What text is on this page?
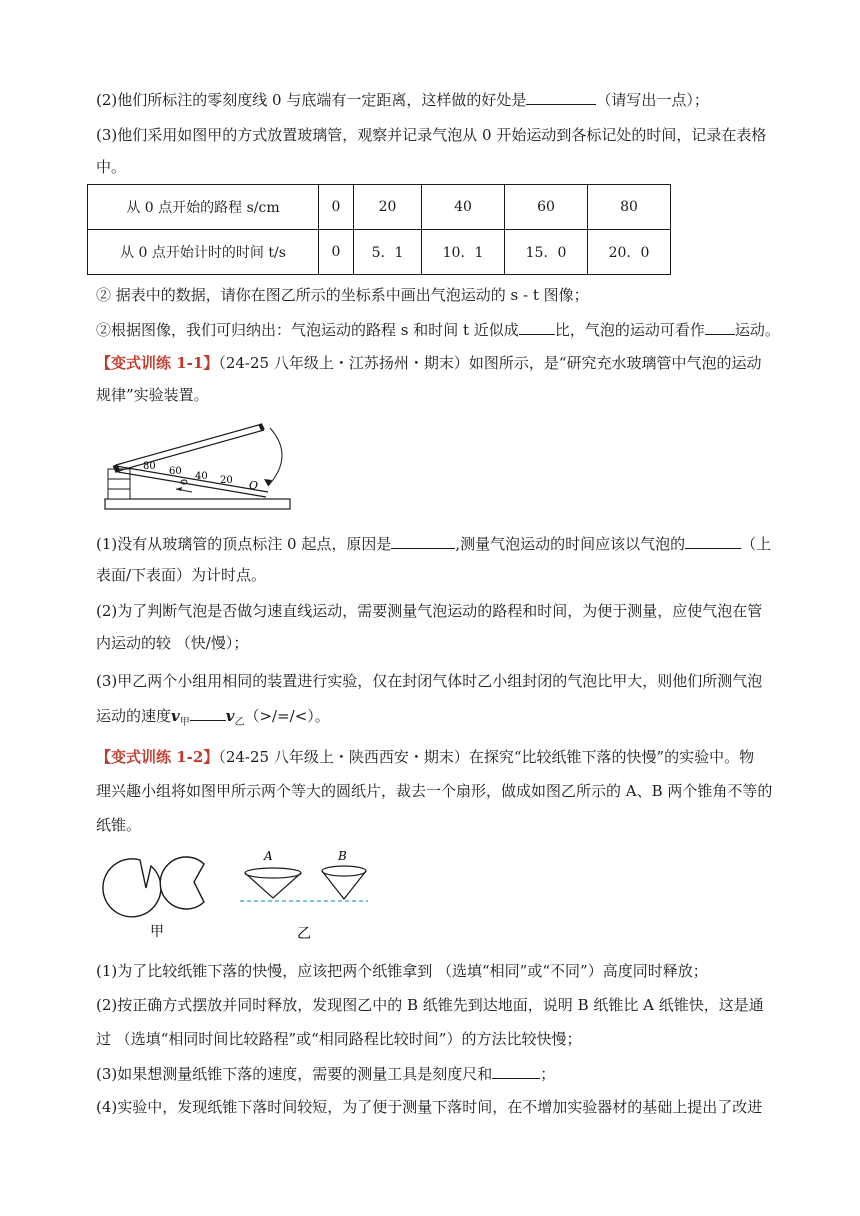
(2)他们所标注的零刻度线 0 与底端有一定距离，这样做的好处是	（请写出一点）；
(3)他们采用如图甲的方式放置玻璃管，观察并记录气泡从 0 开始运动到各标记处的时间，记录在表格
中。
从 0 点开始的路程 s/cm	0	20	40	60	80
从 0 点开始计时的时间 t/s	0	5．1	10．1	15．0	20．0
② 据表中的数据，请你在图乙所示的坐标系中画出气泡运动的 s - t 图像；
②根据图像，我们可归纳出：气泡运动的路程 s 和时间 t 近似成 比，气泡的运动可看作 运动。
【变式训练 1-1】（24-25 八年级上・江苏扬州・期末）如图所示，是“研究充水玻璃管中气泡的运动
规律”实验装置。
80 60 40 20 O
(1)没有从玻璃管的顶点标注 0 起点，原因是	,测量气泡运动的时间应该以气泡的	（上
表面/下表面）为计时点。
(2)为了判断气泡是否做匀速直线运动，需要测量气泡运动的路程和时间，为便于测量，应使气泡在管
内运动的较 （快/慢）；
(3)甲乙两个小组用相同的装置进行实验，仅在封闭气体时乙小组封闭的气泡比甲大，则他们所测气泡
运动的速度$v_甲$ $v_乙(>/=/<)$。
【变式训练 1-2】（24-25 八年级上・陕西西安・期末）在探究“比较纸锥下落的快慢”的实验中。物
理兴趣小组将如图甲所示两个等大的圆纸片，裁去一个扇形，做成如图乙所示的 A、B 两个锥角不等的
纸锥。
A	B
甲	乙
(1)为了比较纸锥下落的快慢，应该把两个纸锥拿到 （选填“相同”或“不同”）高度同时释放；
(2)按正确方式摆放并同时释放，发现图乙中的 B 纸锥先到达地面，说明 B 纸锥比 A 纸锥快，这是通
过 （选填“相同时间比较路程”或“相同路程比较时间”）的方法比较快慢；
(3)如果想测量纸锥下落的速度，需要的测量工具是刻度尺和	；
(4)实验中，发现纸锥下落时间较短，为了便于测量下落时间，在不增加实验器材的基础上提出了改进
